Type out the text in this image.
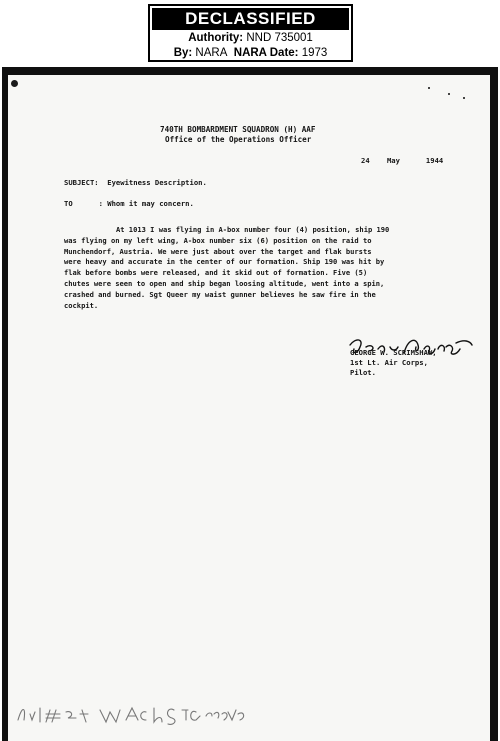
DECLASSIFIED
Authority: NND 735001
By: NARA NARA Date: 1973
740TH BOMBARDMENT SQUADRON (H) AAF
Office of the Operations Officer
24 May	1944
SUBJECT: Eyewitness Description.
TO	: Whom it may concern.
At 1013 I was flying in A-box number four (4) position, ship 190
was flying on my left wing, A-box number six (6) position on the raid to
Munchendorf, Austria. We were just about over the target and flak bursts
were heavy and accurate in the center of our formation. Ship 190 was hit by
flak before bombs were released, and it skid out of formation. Five (5)
chutes were seen to open and ship began loosing altitude, went into a spin,
crashed and burned. Sgt Queer my waist gunner believes he saw fire in the
cockpit.
GEORGE W. SCRIMSHAW,
1st Lt. Air Corps,
Pilot.
